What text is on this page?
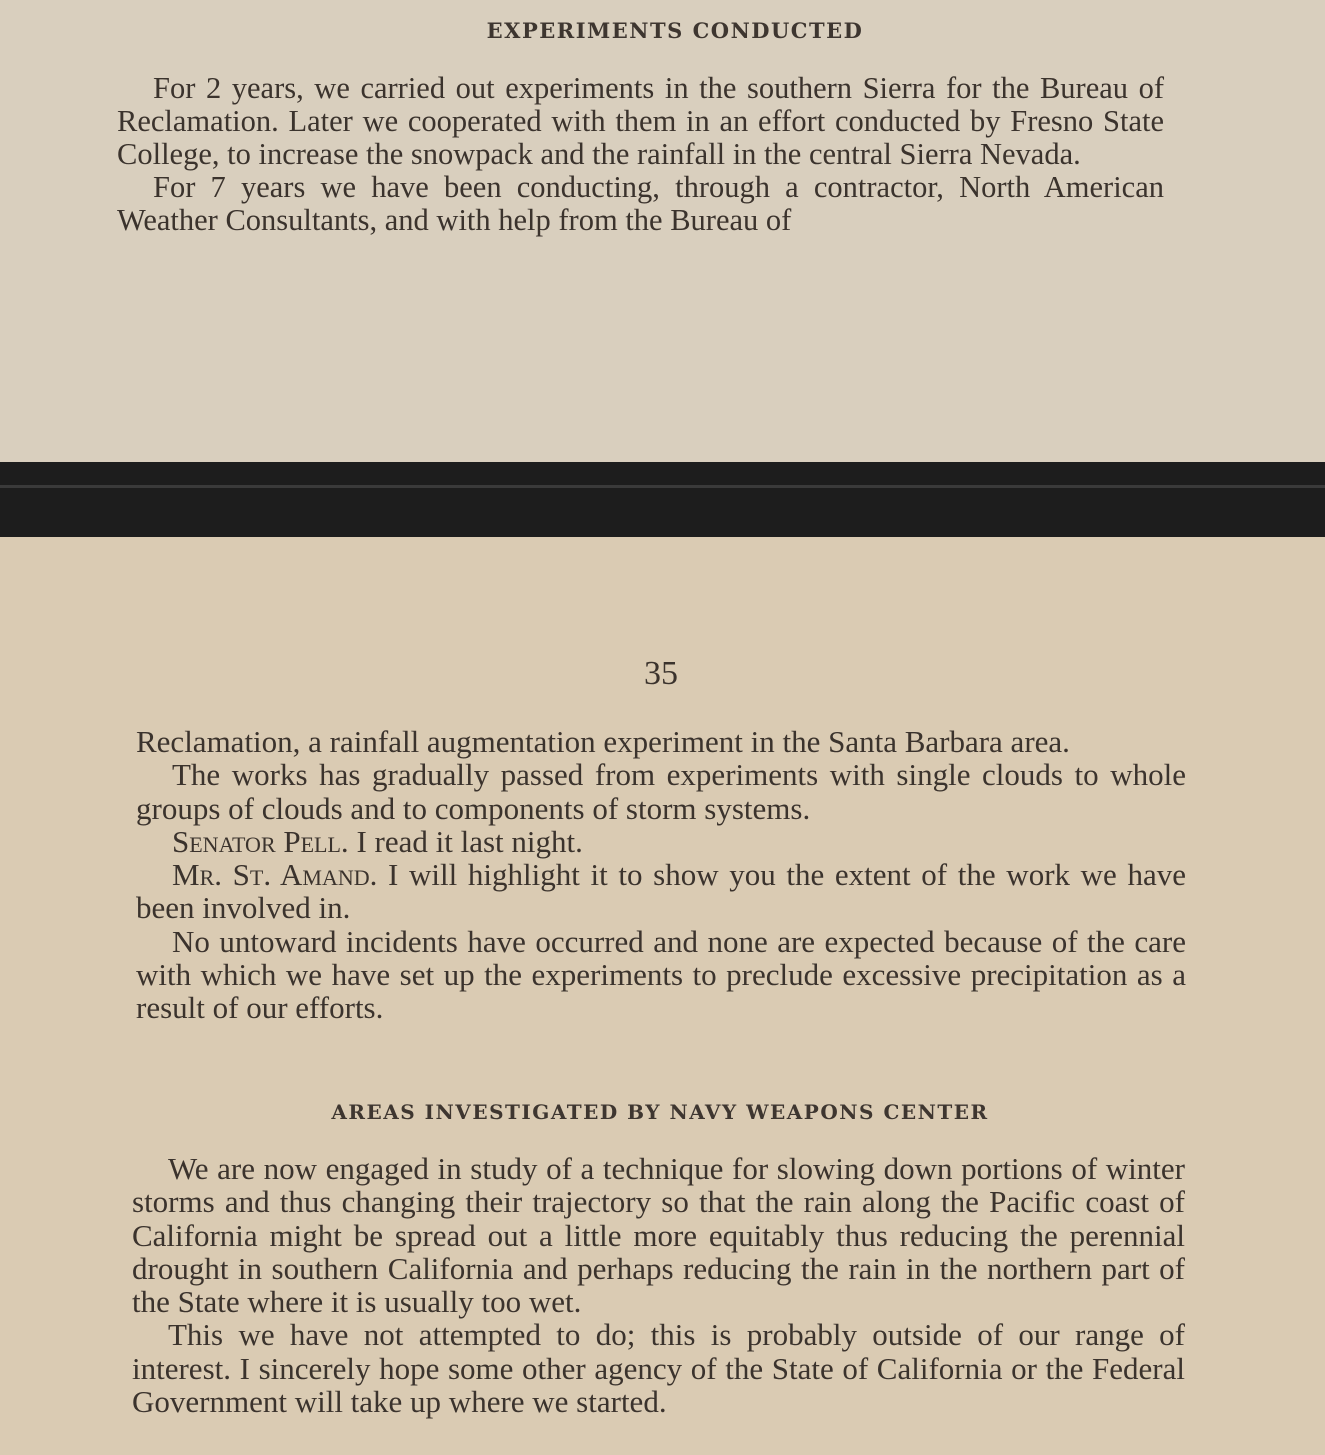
EXPERIMENTS CONDUCTED

For 2 years, we carried out experiments in the southern Sierra for the Bureau of Reclamation. Later we cooperated with them in an effort conducted by Fresno State College, to increase the snowpack and the rainfall in the central Sierra Nevada.

For 7 years we have been conducting, through a contractor, North American Weather Consultants, and with help from the Bureau of

35

Reclamation, a rainfall augmentation experiment in the Santa Barbara area.

The works has gradually passed from experiments with single clouds to whole groups of clouds and to components of storm systems.

Senator Pell. I read it last night.

Mr. St. Amand. I will highlight it to show you the extent of the work we have been involved in.

No untoward incidents have occurred and none are expected because of the care with which we have set up the experiments to preclude excessive precipitation as a result of our efforts.

AREAS INVESTIGATED BY NAVY WEAPONS CENTER

We are now engaged in study of a technique for slowing down portions of winter storms and thus changing their trajectory so that the rain along the Pacific coast of California might be spread out a little more equitably thus reducing the perennial drought in southern California and perhaps reducing the rain in the northern part of the State where it is usually too wet.

This we have not attempted to do; this is probably outside of our range of interest. I sincerely hope some other agency of the State of California or the Federal Government will take up where we started.
